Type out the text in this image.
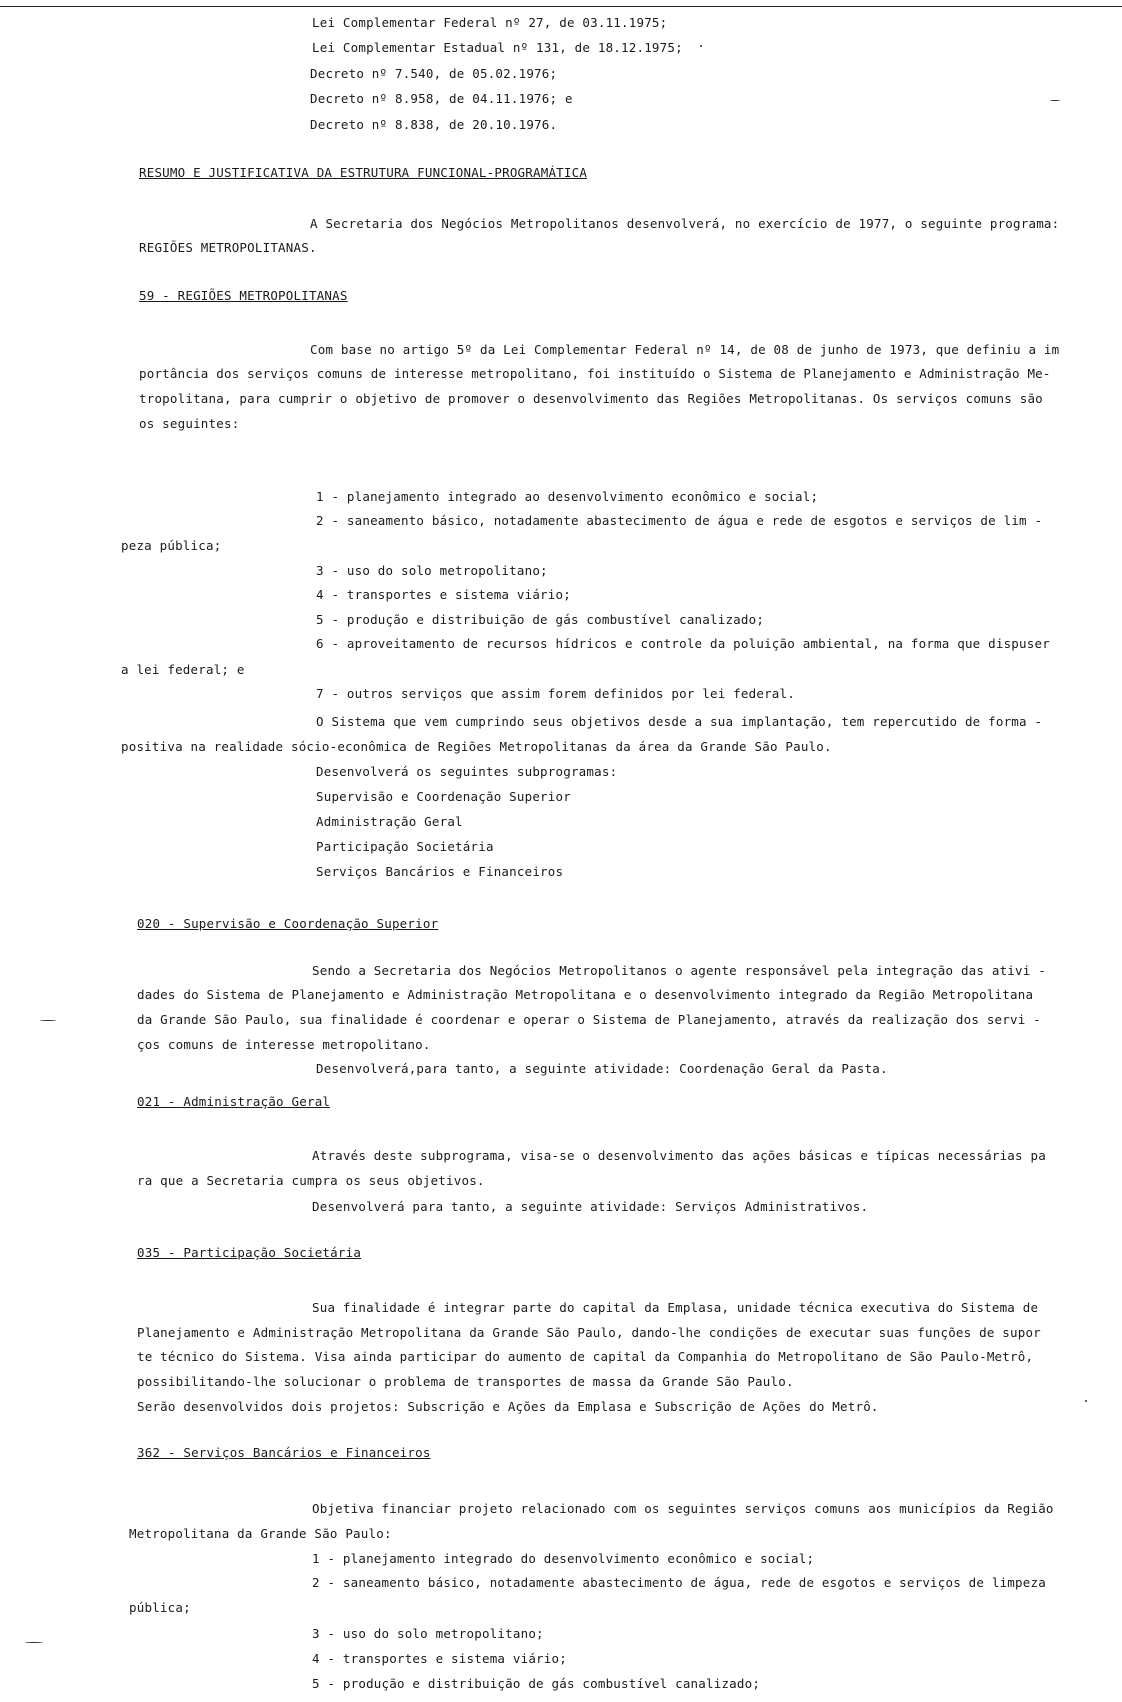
Lei Complementar Federal nº 27, de 03.11.1975;
Lei Complementar Estadual nº 131, de 18.12.1975;
Decreto nº 7.540, de 05.02.1976;
Decreto nº 8.958, de 04.11.1976; e
Decreto nº 8.838, de 20.10.1976.
RESUMO E JUSTIFICATIVA DA ESTRUTURA FUNCIONAL-PROGRAMÁTICA
A Secretaria dos Negócios Metropolitanos desenvolverá, no exercício de 1977, o seguinte programa:
REGIÕES METROPOLITANAS.
59 - REGIÕES METROPOLITANAS
Com base no artigo 5º da Lei Complementar Federal nº 14, de 08 de junho de 1973, que definiu a im
portância dos serviços comuns de interesse metropolitano, foi instituído o Sistema de Planejamento e Administração Me-
tropolitana, para cumprir o objetivo de promover o desenvolvimento das Regiões Metropolitanas. Os serviços comuns são
os seguintes:
1 - planejamento integrado ao desenvolvimento econômico e social;
2 - saneamento básico, notadamente abastecimento de água e rede de esgotos e serviços de lim -
peza pública;
3 - uso do solo metropolitano;
4 - transportes e sistema viário;
5 - produção e distribuição de gás combustível canalizado;
6 - aproveitamento de recursos hídricos e controle da poluição ambiental, na forma que dispuser
a lei federal; e
7 - outros serviços que assim forem definidos por lei federal.
O Sistema que vem cumprindo seus objetivos desde a sua implantação, tem repercutido de forma -
positiva na realidade sócio-econômica de Regiões Metropolitanas da área da Grande São Paulo.
Desenvolverá os seguintes subprogramas:
Supervisão e Coordenação Superior
Administração Geral
Participação Societária
Serviços Bancários e Financeiros
020 - Supervisão e Coordenação Superior
Sendo a Secretaria dos Negócios Metropolitanos o agente responsável pela integração das ativi -
dades do Sistema de Planejamento e Administração Metropolitana e o desenvolvimento integrado da Região Metropolitana
da Grande São Paulo, sua finalidade é coordenar e operar o Sistema de Planejamento, através da realização dos servi -
ços comuns de interesse metropolitano.
Desenvolverá,para tanto, a seguinte atividade: Coordenação Geral da Pasta.
021 - Administração Geral
Através deste subprograma, visa-se o desenvolvimento das ações básicas e típicas necessárias pa
ra que a Secretaria cumpra os seus objetivos.
Desenvolverá para tanto, a seguinte atividade: Serviços Administrativos.
035 - Participação Societária
Sua finalidade é integrar parte do capital da Emplasa, unidade técnica executiva do Sistema de
Planejamento e Administração Metropolitana da Grande São Paulo, dando-lhe condições de executar suas funções de supor
te técnico do Sistema. Visa ainda participar do aumento de capital da Companhia do Metropolitano de São Paulo-Metrô,
possibilitando-lhe solucionar o problema de transportes de massa da Grande São Paulo.
Serão desenvolvidos dois projetos: Subscrição e Ações da Emplasa e Subscrição de Ações do Metrô.
362 - Serviços Bancários e Financeiros
Objetiva financiar projeto relacionado com os seguintes serviços comuns aos municípios da Região
Metropolitana da Grande São Paulo:
1 - planejamento integrado do desenvolvimento econômico e social;
2 - saneamento básico, notadamente abastecimento de água, rede de esgotos e serviços de limpeza
pública;
3 - uso do solo metropolitano;
4 - transportes e sistema viário;
5 - produção e distribuição de gás combustível canalizado;
